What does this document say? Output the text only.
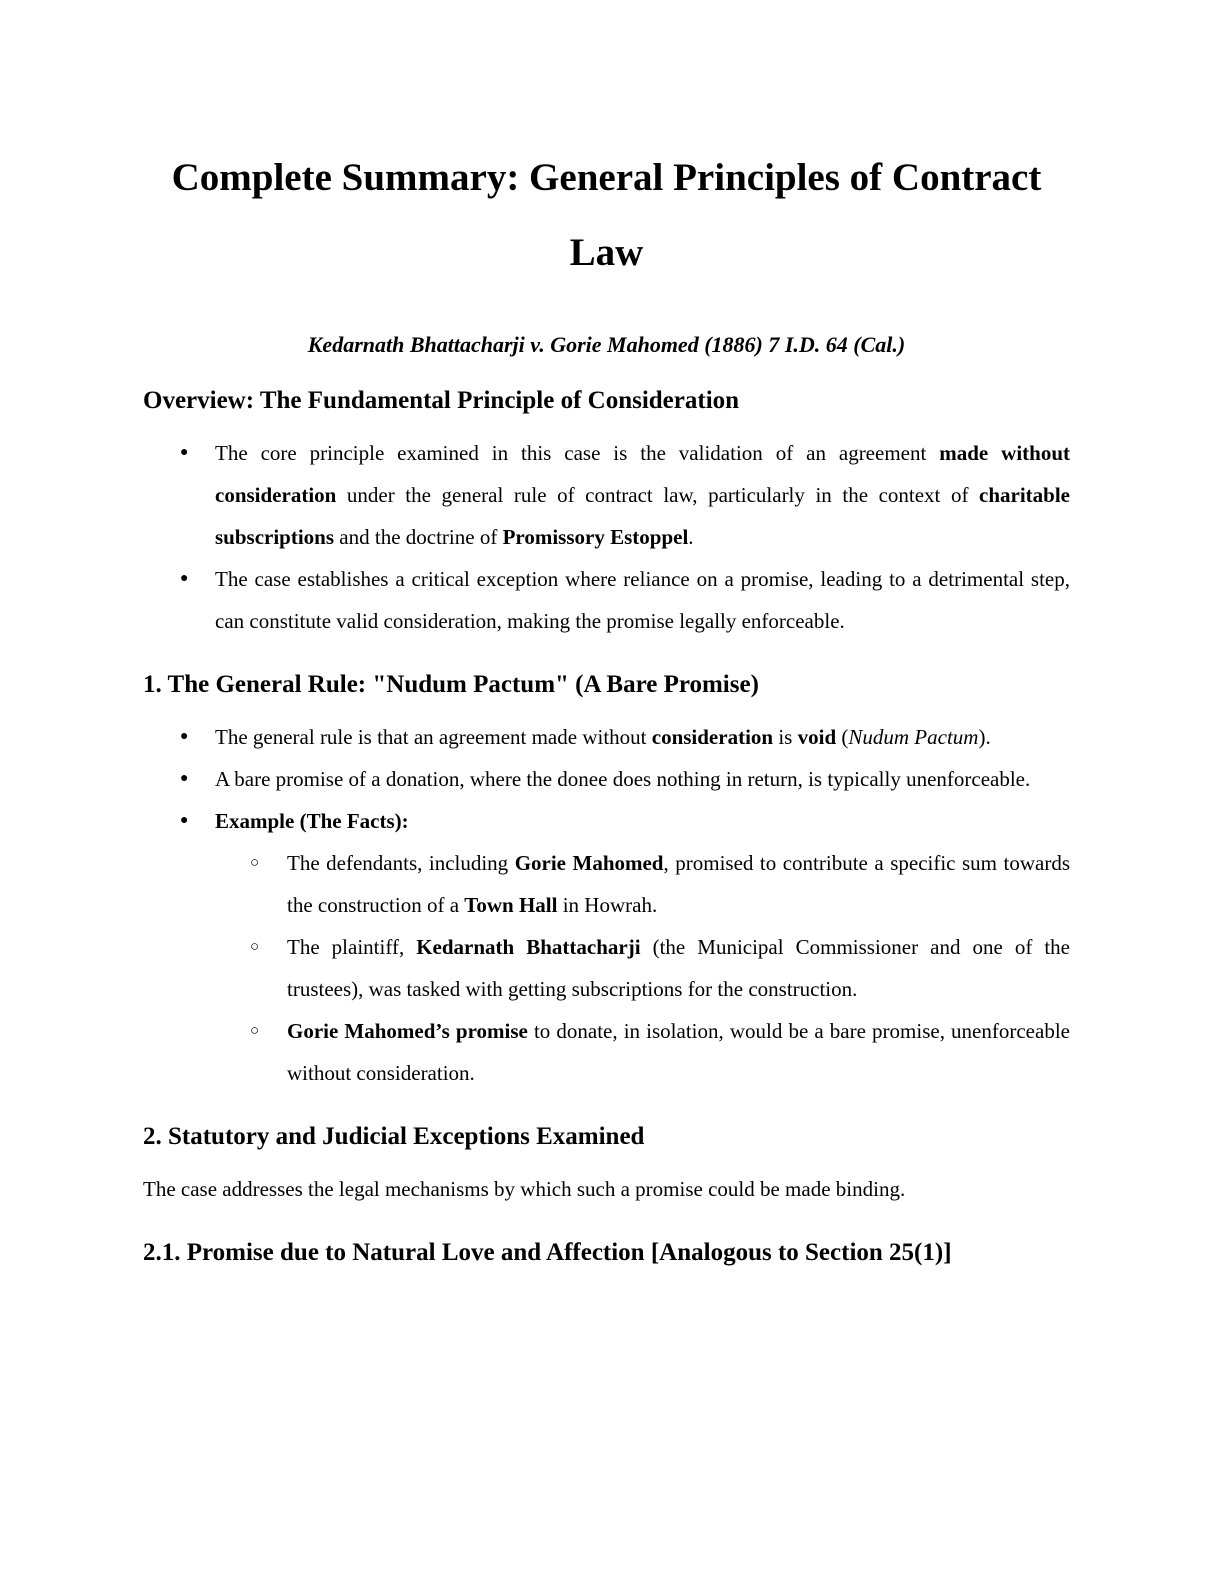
Complete Summary: General Principles of Contract
Law

Kedarnath Bhattacharji v. Gorie Mahomed (1886) 7 I.D. 64 (Cal.)

Overview: The Fundamental Principle of Consideration
● The core principle examined in this case is the validation of an agreement made without consideration under the general rule of contract law, particularly in the context of charitable subscriptions and the doctrine of Promissory Estoppel.
● The case establishes a critical exception where reliance on a promise, leading to a detrimental step, can constitute valid consideration, making the promise legally enforceable.
1. The General Rule: "Nudum Pactum" (A Bare Promise)
● The general rule is that an agreement made without consideration is void (Nudum Pactum).
● A bare promise of a donation, where the donee does nothing in return, is typically unenforceable.
● Example (The Facts):
○ The defendants, including Gorie Mahomed, promised to contribute a specific sum towards the construction of a Town Hall in Howrah.
○ The plaintiff, Kedarnath Bhattacharji (the Municipal Commissioner and one of the trustees), was tasked with getting subscriptions for the construction.
○ Gorie Mahomed’s promise to donate, in isolation, would be a bare promise, unenforceable without consideration.
2. Statutory and Judicial Exceptions Examined

The case addresses the legal mechanisms by which such a promise could be made binding.

2.1. Promise due to Natural Love and Affection [Analogous to Section 25(1)]
